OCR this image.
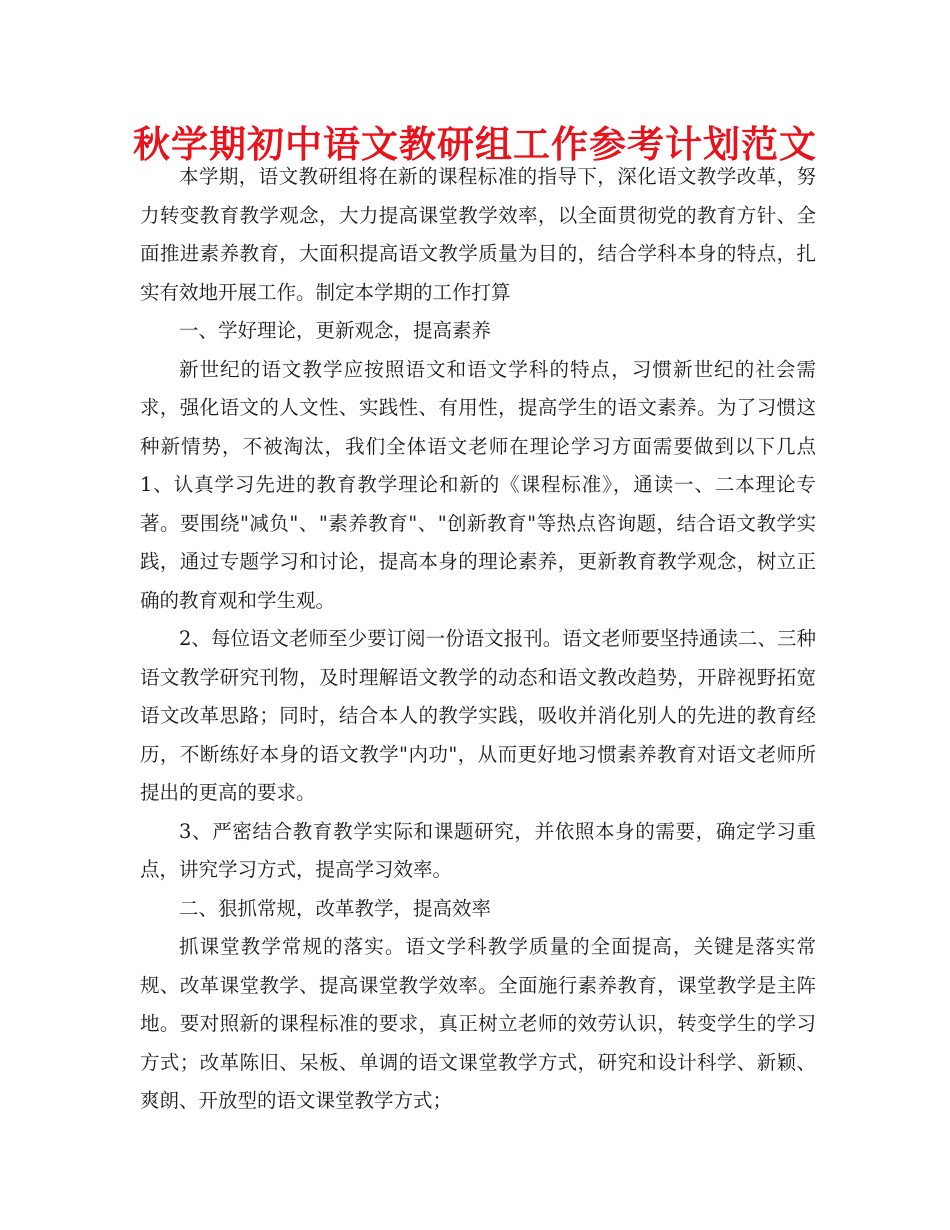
秋学期初中语文教研组工作参考计划范文

本学期，语文教研组将在新的课程标准的指导下，深化语文教学改革，努力转变教育教学观念，大力提高课堂教学效率，以全面贯彻党的教育方针、全面推进素养教育，大面积提高语文教学质量为目的，结合学科本身的特点，扎实有效地开展工作。制定本学期的工作打算

一、学好理论，更新观念，提高素养

新世纪的语文教学应按照语文和语文学科的特点，习惯新世纪的社会需求，强化语文的人文性、实践性、有用性，提高学生的语文素养。为了习惯这种新情势，不被淘汰，我们全体语文老师在理论学习方面需要做到以下几点　　1、认真学习先进的教育教学理论和新的《课程标准》，通读一、二本理论专著。要围绕"减负"、"素养教育"、"创新教育"等热点咨询题，结合语文教学实践，通过专题学习和讨论，提高本身的理论素养，更新教育教学观念，树立正确的教育观和学生观。

2、每位语文老师至少要订阅一份语文报刊。语文老师要坚持通读二、三种语文教学研究刊物，及时理解语文教学的动态和语文教改趋势，开辟视野拓宽语文改革思路；同时，结合本人的教学实践，吸收并消化别人的先进的教育经历，不断练好本身的语文教学"内功"，从而更好地习惯素养教育对语文老师所提出的更高的要求。

3、严密结合教育教学实际和课题研究，并依照本身的需要，确定学习重点，讲究学习方式，提高学习效率。

二、狠抓常规，改革教学，提高效率

抓课堂教学常规的落实。语文学科教学质量的全面提高，关键是落实常规、改革课堂教学、提高课堂教学效率。全面施行素养教育，课堂教学是主阵地。要对照新的课程标准的要求，真正树立老师的效劳认识，转变学生的学习方式；改革陈旧、呆板、单调的语文课堂教学方式，研究和设计科学、新颖、爽朗、开放型的语文课堂教学方式；
